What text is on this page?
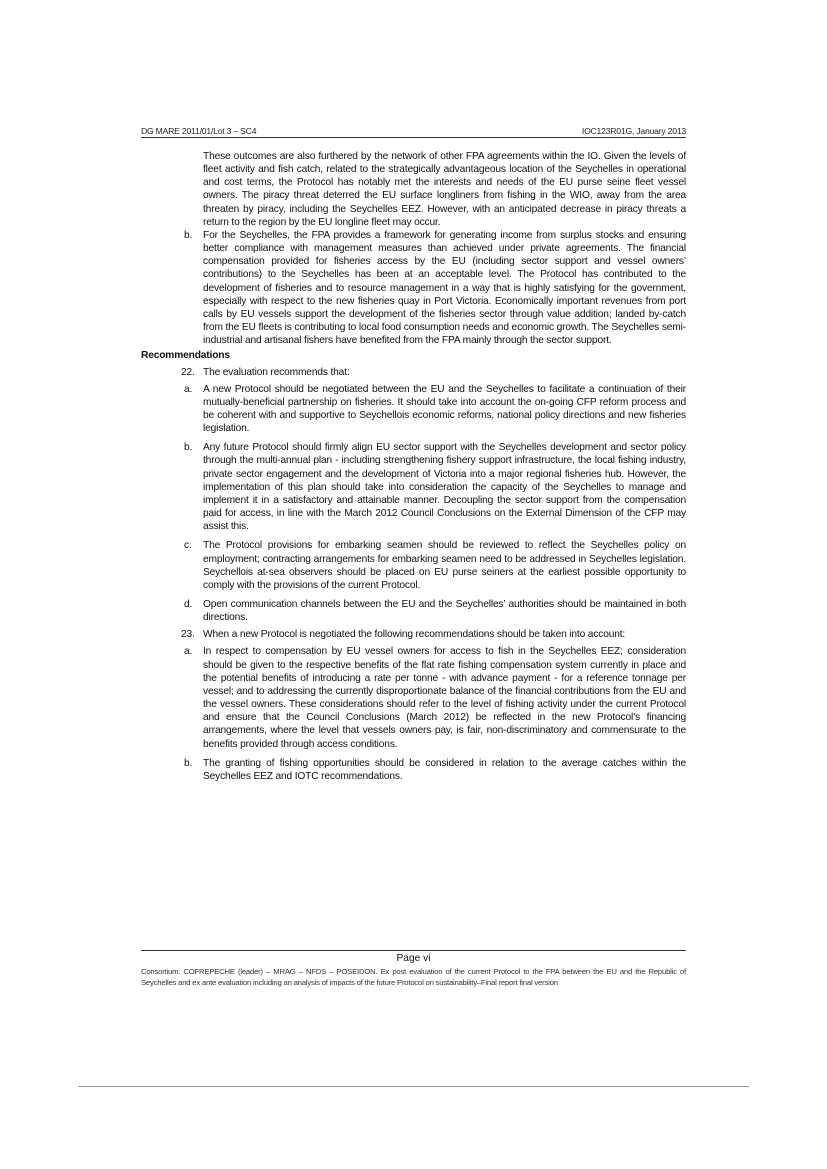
DG MARE 2011/01/Lot 3 – SC4	IOC123R01G, January 2013
These outcomes are also furthered by the network of other FPA agreements within the IO. Given the levels of fleet activity and fish catch, related to the strategically advantageous location of the Seychelles in operational and cost terms, the Protocol has notably met the interests and needs of the EU purse seine fleet vessel owners. The piracy threat deterred the EU surface longliners from fishing in the WIO, away from the area threaten by piracy, including the Seychelles EEZ. However, with an anticipated decrease in piracy threats a return to the region by the EU longline fleet may occur.
b.	For the Seychelles, the FPA provides a framework for generating income from surplus stocks and ensuring better compliance with management measures than achieved under private agreements. The financial compensation provided for fisheries access by the EU (including sector support and vessel owners’ contributions) to the Seychelles has been at an acceptable level. The Protocol has contributed to the development of fisheries and to resource management in a way that is highly satisfying for the government, especially with respect to the new fisheries quay in Port Victoria. Economically important revenues from port calls by EU vessels support the development of the fisheries sector through value addition; landed by-catch from the EU fleets is contributing to local food consumption needs and economic growth. The Seychelles semi-industrial and artisanal fishers have benefited from the FPA mainly through the sector support.
Recommendations
22. The evaluation recommends that:
a.	A new Protocol should be negotiated between the EU and the Seychelles to facilitate a continuation of their mutually-beneficial partnership on fisheries. It should take into account the on-going CFP reform process and be coherent with and supportive to Seychellois economic reforms, national policy directions and new fisheries legislation.
b.	Any future Protocol should firmly align EU sector support with the Seychelles development and sector policy through the multi-annual plan - including strengthening fishery support infrastructure, the local fishing industry, private sector engagement and the development of Victoria into a major regional fisheries hub. However, the implementation of this plan should take into consideration the capacity of the Seychelles to manage and implement it in a satisfactory and attainable manner. Decoupling the sector support from the compensation paid for access, in line with the March 2012 Council Conclusions on the External Dimension of the CFP may assist this.
c.	The Protocol provisions for embarking seamen should be reviewed to reflect the Seychelles policy on employment; contracting arrangements for embarking seamen need to be addressed in Seychelles legislation. Seychellois at-sea observers should be placed on EU purse seiners at the earliest possible opportunity to comply with the provisions of the current Protocol.
d.	Open communication channels between the EU and the Seychelles’ authorities should be maintained in both directions.
23. When a new Protocol is negotiated the following recommendations should be taken into account:
a.	In respect to compensation by EU vessel owners for access to fish in the Seychelles EEZ; consideration should be given to the respective benefits of the flat rate fishing compensation system currently in place and the potential benefits of introducing a rate per tonne - with advance payment - for a reference tonnage per vessel; and to addressing the currently disproportionate balance of the financial contributions from the EU and the vessel owners. These considerations should refer to the level of fishing activity under the current Protocol and ensure that the Council Conclusions (March 2012) be reflected in the new Protocol’s financing arrangements, where the level that vessels owners pay, is fair, non-discriminatory and commensurate to the benefits provided through access conditions.
b.	The granting of fishing opportunities should be considered in relation to the average catches within the Seychelles EEZ and IOTC recommendations.
Page vi
Consortium: COFREPECHE (leader) – MRAG – NFDS – POSEIDON. Ex post evaluation of the current Protocol to the FPA between the EU and the Republic of Seychelles and ex ante evaluation including an analysis of impacts of the future Protocol on sustainability–Final report final version
